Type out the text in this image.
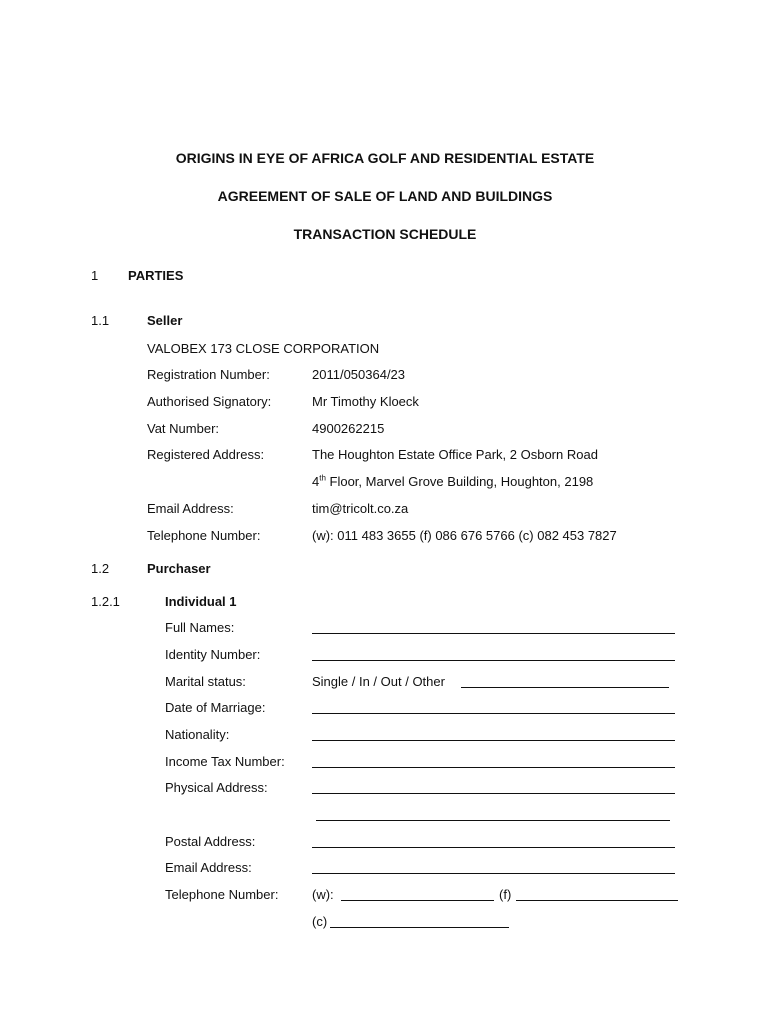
ORIGINS IN EYE OF AFRICA GOLF AND RESIDENTIAL ESTATE
AGREEMENT OF SALE OF LAND AND BUILDINGS
TRANSACTION SCHEDULE
1 PARTIES
1.1	Seller
VALOBEX 173 CLOSE CORPORATION
Registration Number:	2011/050364/23
Authorised Signatory:	Mr Timothy Kloeck
Vat Number:	4900262215
Registered Address:	The Houghton Estate Office Park, 2 Osborn Road
4th Floor, Marvel Grove Building, Houghton, 2198
Email Address:	tim@tricolt.co.za
Telephone Number:	(w): 011 483 3655 (f) 086 676 5766 (c) 082 453 7827
1.2	Purchaser
1.2.1	Individual 1
Full Names:
Identity Number:
Marital status:	Single / In / Out / Other
Date of Marriage:
Nationality:
Income Tax Number:
Physical Address:
Postal Address:
Email Address:
Telephone Number:	(w):	(f)
(c)
